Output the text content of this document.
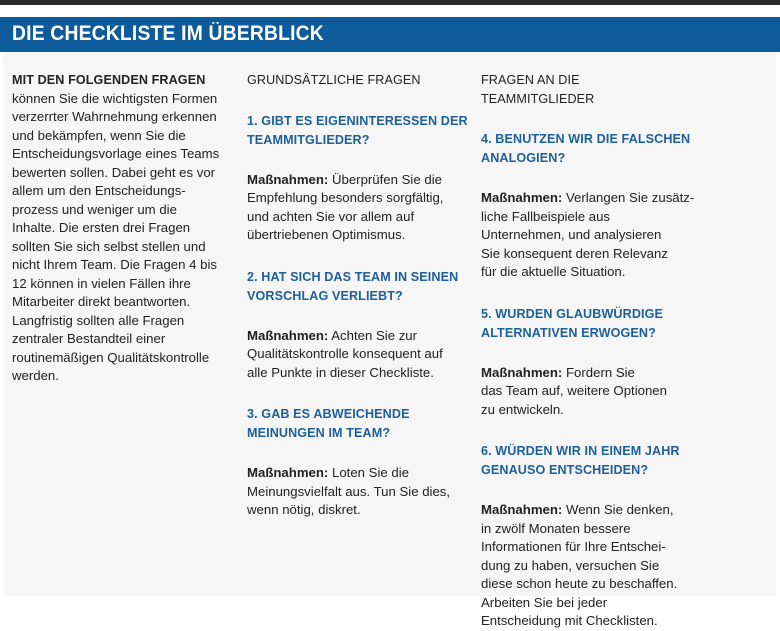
DIE CHECKLISTE IM ÜBERBLICK
MIT DEN FOLGENDEN FRAGEN

können Sie die wichtigsten Formen
verzerrter Wahrnehmung erkennen
und bekämpfen, wenn Sie die
Entscheidungsvorlage eines Teams
bewerten sollen. Dabei geht es vor
allem um den Entscheidungs-
prozess und weniger um die
Inhalte. Die ersten drei Fragen
sollten Sie sich selbst stellen und
nicht Ihrem Team. Die Fragen 4 bis
12 können in vielen Fällen ihre
Mitarbeiter direkt beantworten.
Langfristig sollten alle Fragen
zentraler Bestandteil einer
routinemäßigen Qualitätskontrolle
werden.

GRUNDSÄTZLICHE FRAGEN

1. GIBT ES EIGENINTERESSEN DER
TEAMMITGLIEDER?

Maßnahmen: Überprüfen Sie die
Empfehlung besonders sorgfältig,
und achten Sie vor allem auf
übertriebenen Optimismus.

2. HAT SICH DAS TEAM IN SEINEN
VORSCHLAG VERLIEBT?

Maßnahmen: Achten Sie zur
Qualitätskontrolle konsequent auf
alle Punkte in dieser Checkliste.

3. GAB ES ABWEICHENDE
MEINUNGEN IM TEAM?

Maßnahmen: Loten Sie die
Meinungsvielfalt aus. Tun Sie dies,
wenn nötig, diskret.

FRAGEN AN DIE TEAMMITGLIEDER

4. BENUTZEN WIR DIE FALSCHEN
ANALOGIEN?

Maßnahmen: Verlangen Sie zusätz-
liche Fallbeispiele aus
Unternehmen, und analysieren
Sie konsequent deren Relevanz
für die aktuelle Situation.

5. WURDEN GLAUBWÜRDIGE
ALTERNATIVEN ERWOGEN?

Maßnahmen: Fordern Sie
das Team auf, weitere Optionen
zu entwickeln.

6. WÜRDEN WIR IN EINEM JAHR
GENAUSO ENTSCHEIDEN?

Maßnahmen: Wenn Sie denken,
in zwölf Monaten bessere
Informationen für Ihre Entschei-
dung zu haben, versuchen Sie
diese schon heute zu beschaffen.
Arbeiten Sie bei jeder
Entscheidung mit Checklisten.
